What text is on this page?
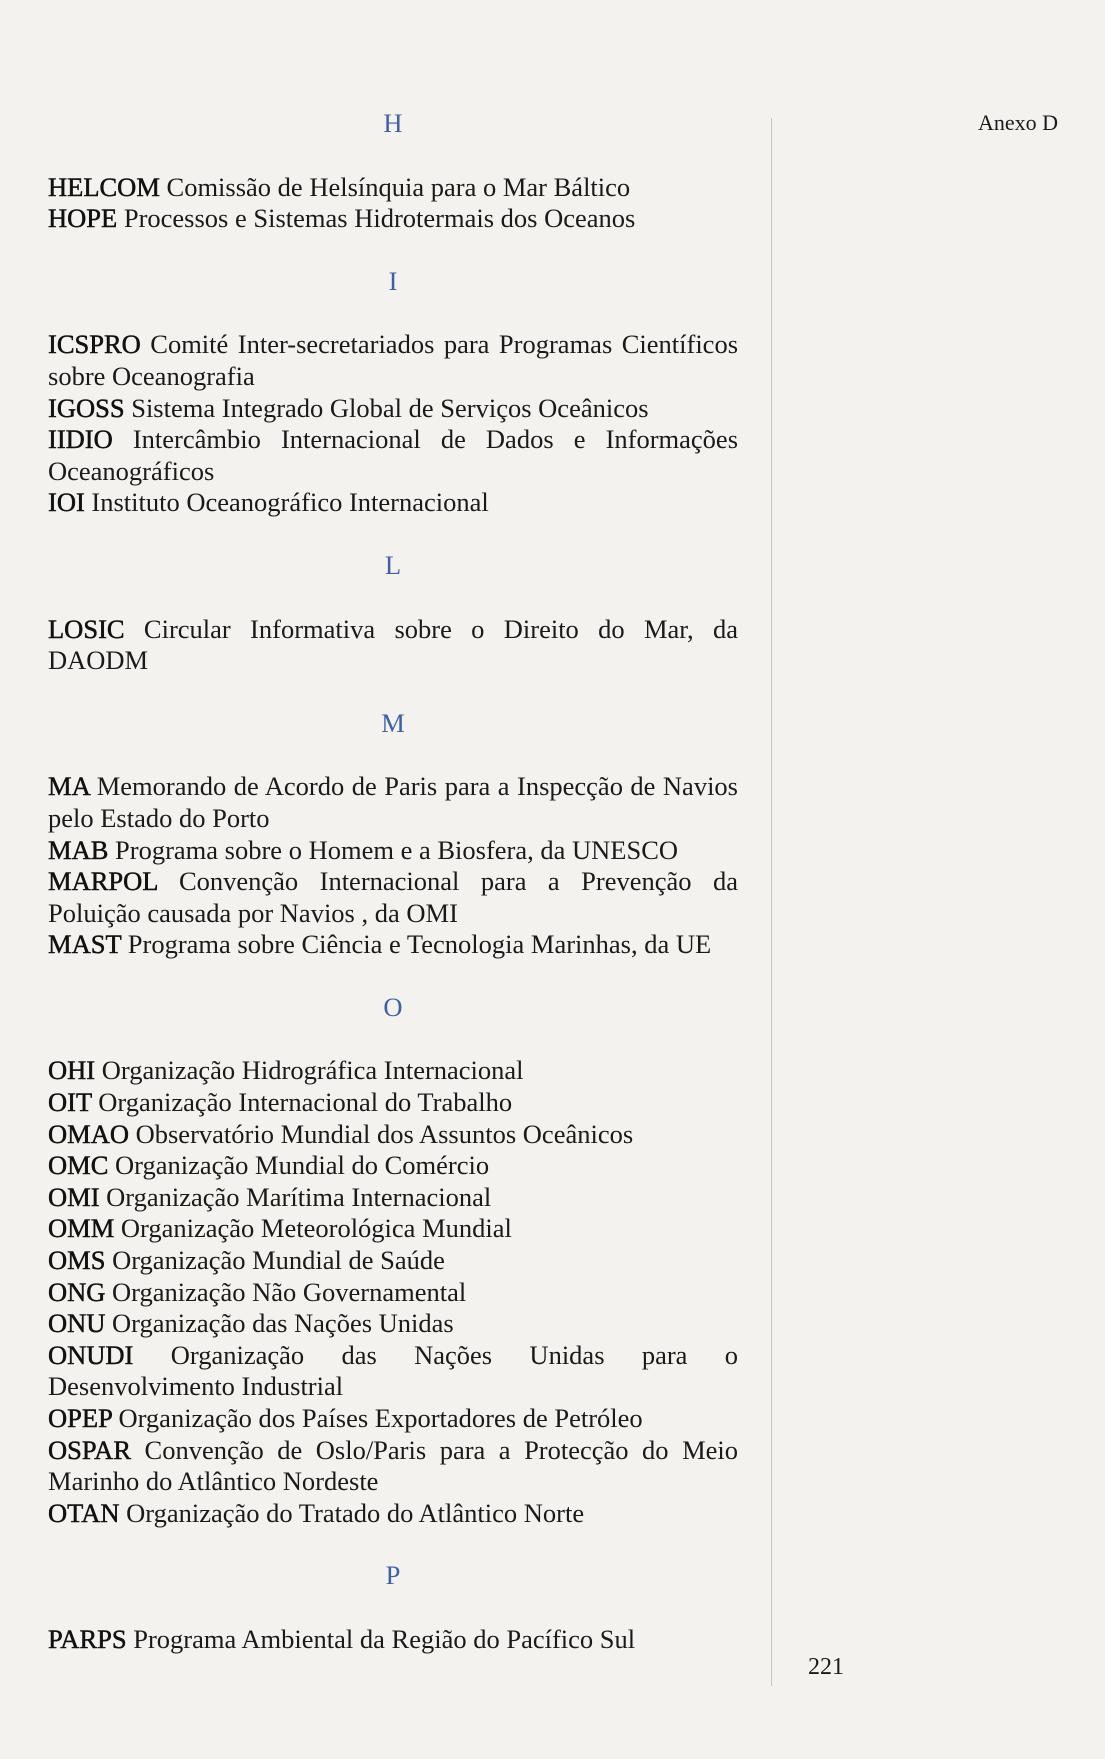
Anexo D

H

HELCOM Comissão de Helsínquia para o Mar Báltico

HOPE Processos e Sistemas Hidrotermais dos Oceanos

I

ICSPRO Comité Inter-secretariados para Programas Científicos sobre Oceanografia

IGOSS Sistema Integrado Global de Serviços Oceânicos

IIDIO Intercâmbio Internacional de Dados e Informações Oceanográficos

IOI Instituto Oceanográfico Internacional

L

LOSIC Circular Informativa sobre o Direito do Mar, da DAODM

M

MA Memorando de Acordo de Paris para a Inspecção de Navios pelo Estado do Porto

MAB Programa sobre o Homem e a Biosfera, da UNESCO

MARPOL Convenção Internacional para a Prevenção da Poluição causada por Navios , da OMI

MAST Programa sobre Ciência e Tecnologia Marinhas, da UE

O

OHI Organização Hidrográfica Internacional

OIT Organização Internacional do Trabalho

OMAO Observatório Mundial dos Assuntos Oceânicos

OMC Organização Mundial do Comércio

OMI Organização Marítima Internacional

OMM Organização Meteorológica Mundial

OMS Organização Mundial de Saúde

ONG Organização Não Governamental

ONU Organização das Nações Unidas

ONUDI Organização das Nações Unidas para o Desenvolvimento Industrial

OPEP Organização dos Países Exportadores de Petróleo

OSPAR Convenção de Oslo/Paris para a Protecção do Meio Marinho do Atlântico Nordeste

OTAN Organização do Tratado do Atlântico Norte

P

PARPS Programa Ambiental da Região do Pacífico Sul

221
